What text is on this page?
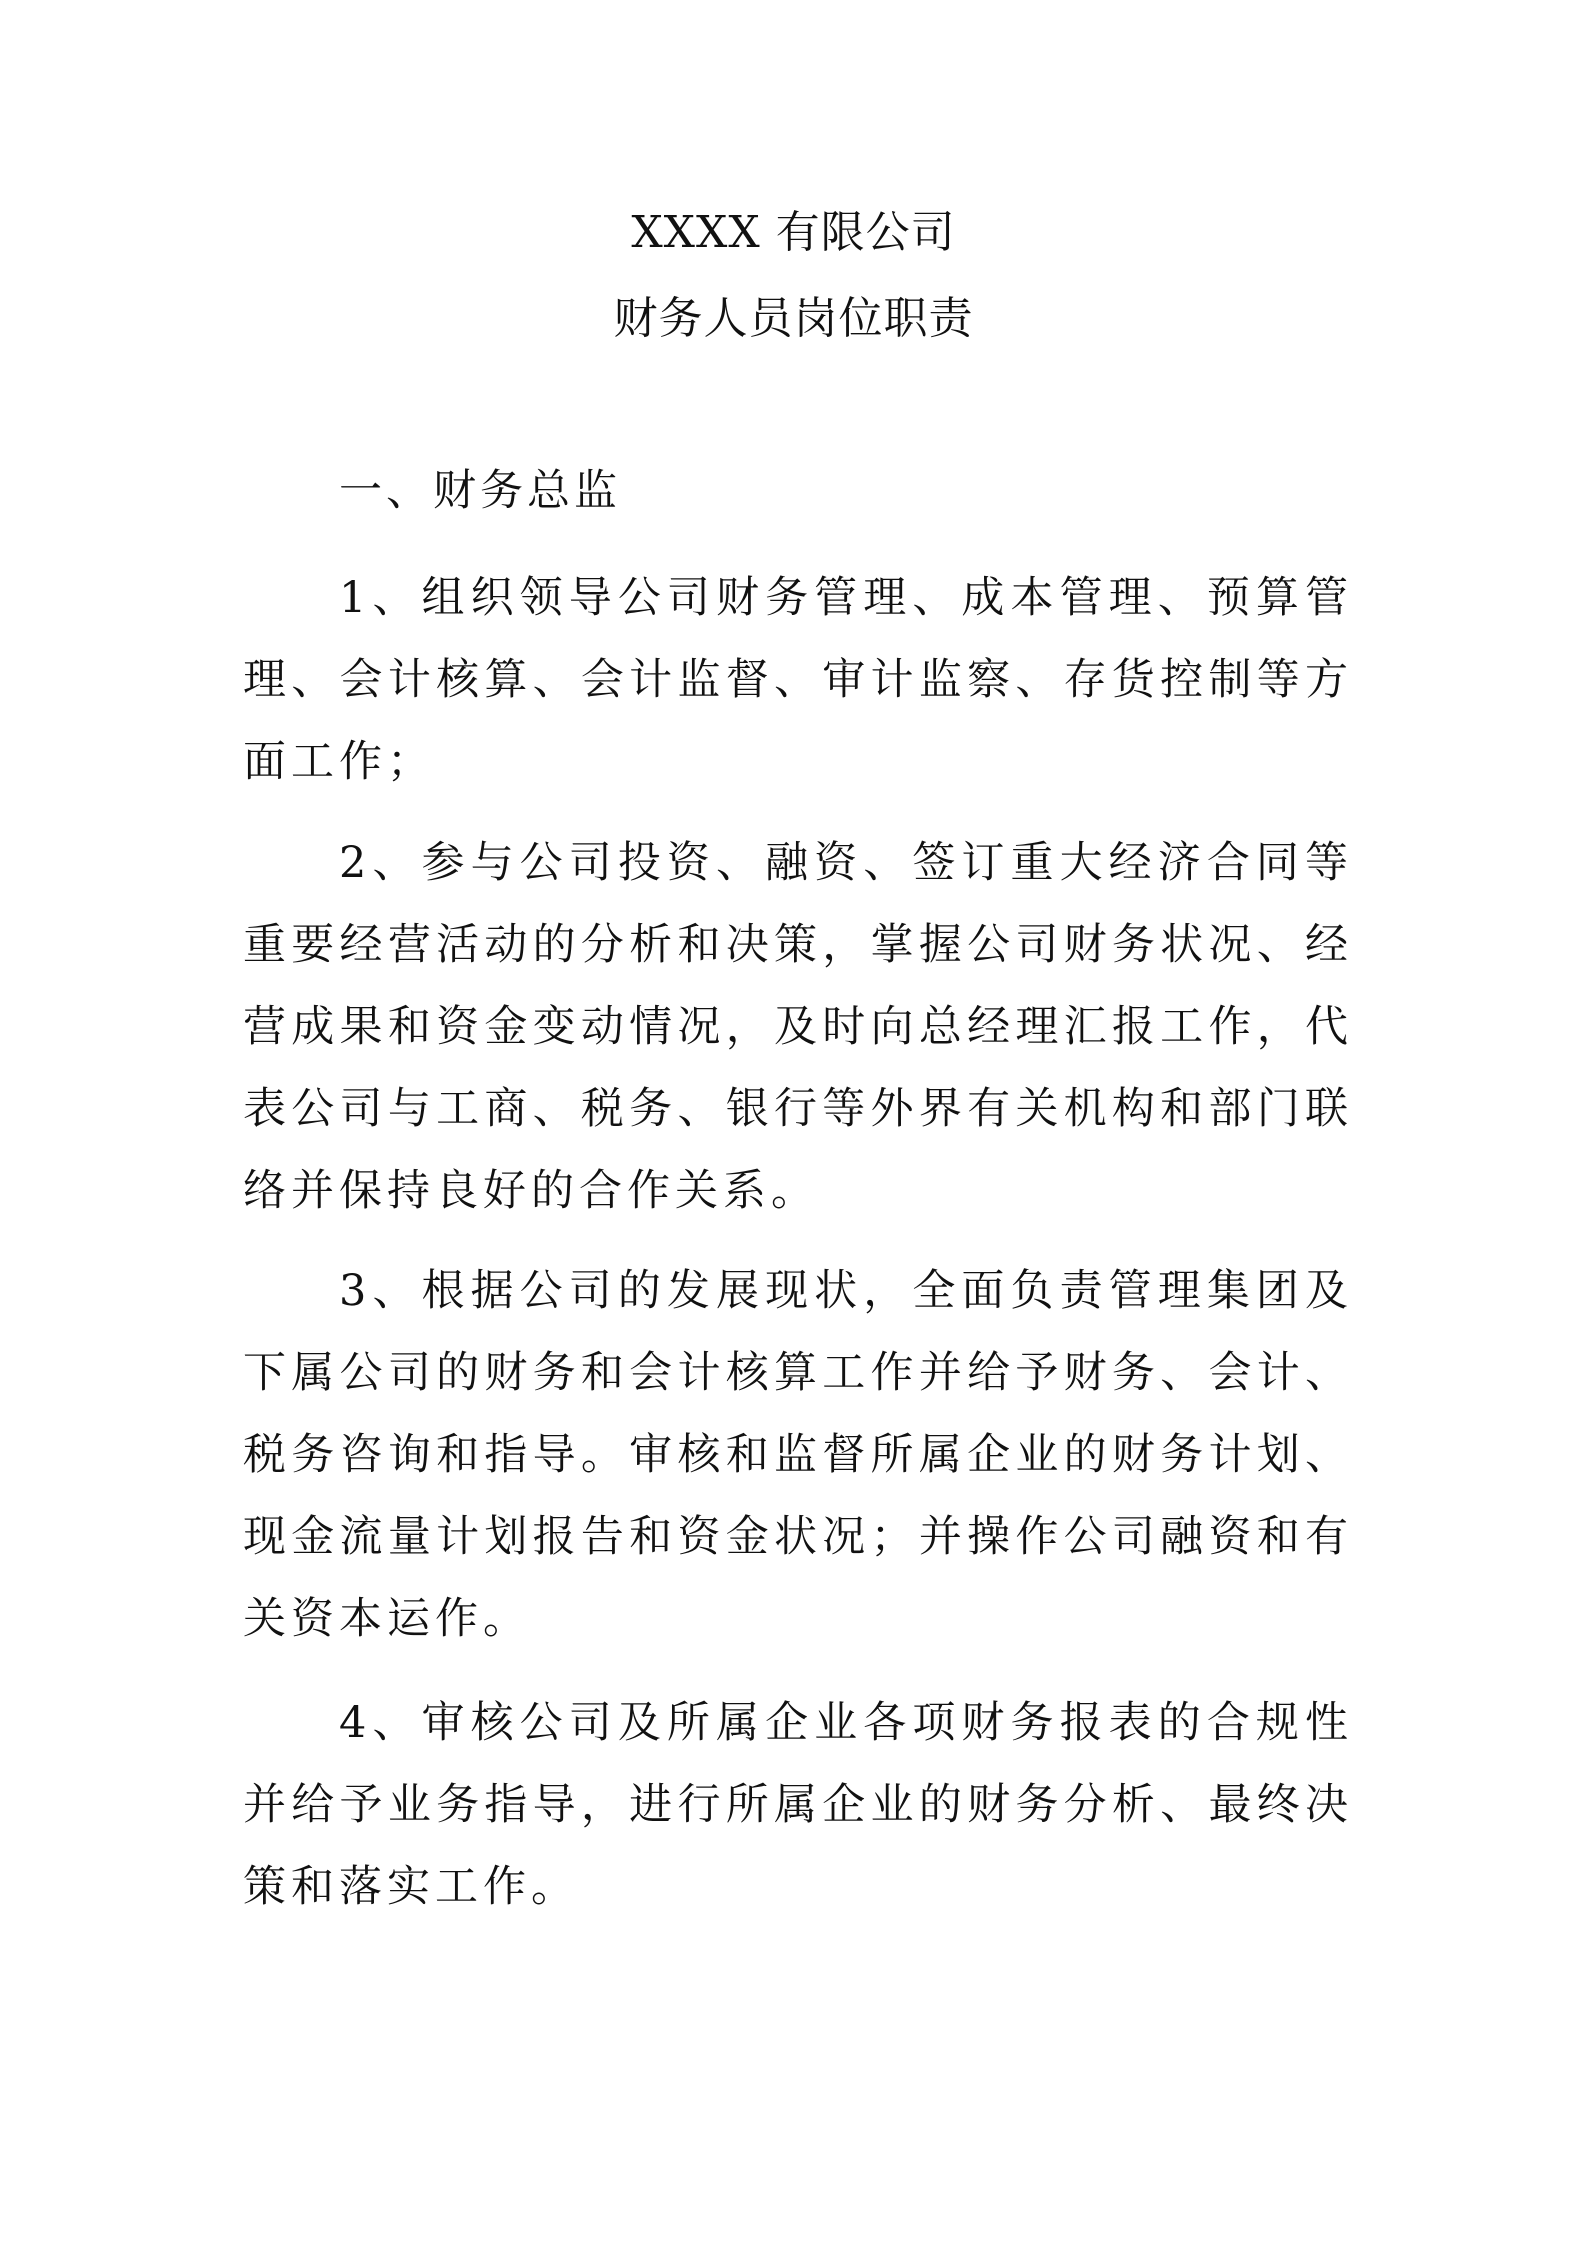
XXXX 有限公司
财务人员岗位职责

一、财务总监

1、组织领导公司财务管理、成本管理、预算管理、会计核算、会计监督、审计监察、存货控制等方面工作；

2、参与公司投资、融资、签订重大经济合同等重要经营活动的分析和决策，掌握公司财务状况、经营成果和资金变动情况，及时向总经理汇报工作，代表公司与工商、税务、银行等外界有关机构和部门联络并保持良好的合作关系。

3、根据公司的发展现状，全面负责管理集团及下属公司的财务和会计核算工作并给予财务、会计、税务咨询和指导。审核和监督所属企业的财务计划、现金流量计划报告和资金状况；并操作公司融资和有关资本运作。

4、审核公司及所属企业各项财务报表的合规性并给予业务指导，进行所属企业的财务分析、最终决策和落实工作。
